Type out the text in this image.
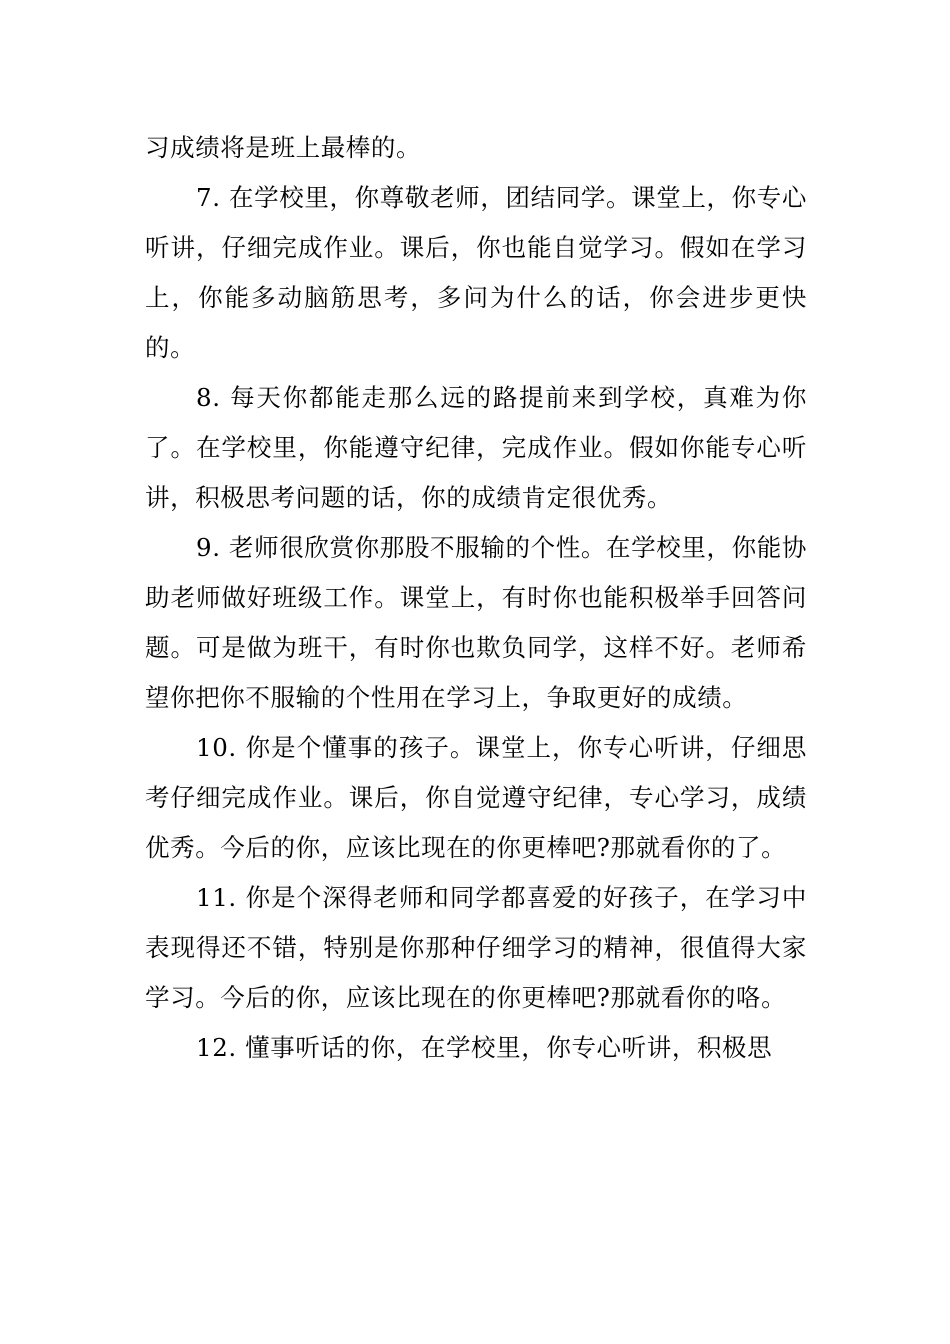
习成绩将是班上最棒的。

7. 在学校里，你尊敬老师，团结同学。课堂上，你专心听讲，仔细完成作业。课后，你也能自觉学习。假如在学习上，你能多动脑筋思考，多问为什么的话，你会进步更快的。

8. 每天你都能走那么远的路提前来到学校，真难为你了。在学校里，你能遵守纪律，完成作业。假如你能专心听讲，积极思考问题的话，你的成绩肯定很优秀。

9. 老师很欣赏你那股不服输的个性。在学校里，你能协助老师做好班级工作。课堂上，有时你也能积极举手回答问题。可是做为班干，有时你也欺负同学，这样不好。老师希望你把你不服输的个性用在学习上，争取更好的成绩。

10. 你是个懂事的孩子。课堂上，你专心听讲，仔细思考仔细完成作业。课后，你自觉遵守纪律，专心学习，成绩优秀。今后的你，应该比现在的你更棒吧?那就看你的了。

11. 你是个深得老师和同学都喜爱的好孩子，在学习中表现得还不错，特别是你那种仔细学习的精神，很值得大家学习。今后的你，应该比现在的你更棒吧?那就看你的咯。

12. 懂事听话的你，在学校里，你专心听讲，积极思
